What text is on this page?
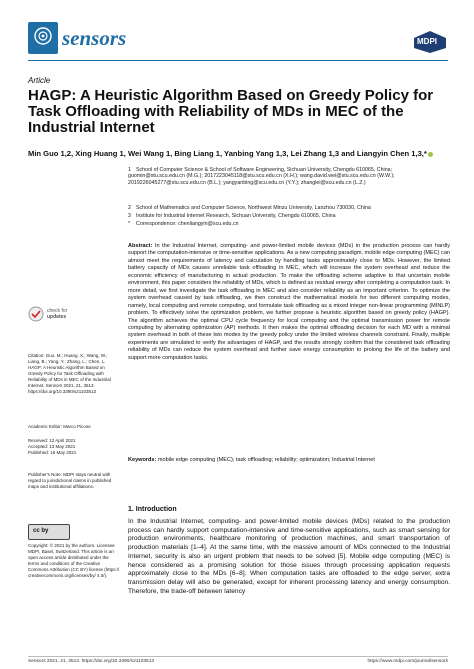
sensors	MDPI
Article
HAGP: A Heuristic Algorithm Based on Greedy Policy for Task Offloading with Reliability of MDs in MEC of the Industrial Internet
Min Guo 1,2, Xing Huang 1, Wei Wang 1, Bing Liang 1, Yanbing Yang 1,3, Lei Zhang 1,3 and Liangyin Chen 1,3,*
1 School of Computer Science & School of Software Engineering, Sichuan University, Chengdu 610065, China; guomin@stu.scu.edu.cn (M.G.); 2017223045118@stu.scu.edu.cn (X.H.); wang.david.wei@stu.scu.edu.cn (W.W.); 2019226045277@stu.scu.edu.cn (B.L.); yangyanbing@scu.edu.cn (Y.Y.); zhanglei@scu.edu.cn (L.Z.)
2 School of Mathematics and Computer Science, Northwest Minzu University, Lanzhou 730030, China
3 Institute for Industrial Internet Research, Sichuan University, Chengdu 610065, China
* Correspondence: chenliangyin@scu.edu.cn
Abstract: In the Industrial Internet, computing- and power-limited mobile devices (MDs) in the production process can hardly support the computation-intensive or time-sensitive applications. As a new computing paradigm, mobile edge computing (MEC) can almost meet the requirements of latency and calculation by handling tasks approximately close to MDs. However, the limited battery capacity of MDs causes unreliable task offloading in MEC, which will increase the system overhead and reduce the economic efficiency of manufacturing in actual production. To make the offloading scheme adaptive to that uncertain mobile environment, this paper considers the reliability of MDs, which is defined as residual energy after completing a computation task. In more detail, we first investigate the task offloading in MEC and also consider reliability as an important criterion. To optimize the system overhead caused by task offloading, we then construct the mathematical models for two different computing modes, namely, local computing and remote computing, and formulate task offloading as a mixed integer non-linear programming (MINLP) problem. To effectively solve the optimization problem, we further propose a heuristic algorithm based on greedy policy (HAGP). The algorithm achieves the optimal CPU cycle frequency for local computing and the optimal transmission power for remote computing by alternating optimization (AP) methods. It then makes the optimal offloading decision for each MD with a minimal system overhead in both of these two modes by the greedy policy under the limited wireless channels constraint. Finally, multiple experiments are simulated to verify the advantages of HAGP, and the results strongly confirm that the considered task offloading reliability of MDs can reduce the system overhead and further save energy consumption to prolong the life of the battery and support more computation tasks.
Keywords: mobile edge computing (MEC); task offloading; reliability; optimization; Industrial Internet
check for
updates
Citation: Guo, M.; Huang, X.; Wang, W.; Liang, B.; Yang, Y.; Zhang, L.; Chen, L. HAGP: A Heuristic Algorithm Based on Greedy Policy for Task Offloading with Reliability of MDs in MEC of the Industrial Internet. Sensors 2021, 21, 3513. https://doi.org/10.3390/s21103513
Academic Editor: Marco Picone
Received: 12 April 2021
Accepted: 13 May 2021
Published: 18 May 2021
Publisher's Note: MDPI stays neutral with regard to jurisdictional claims in published maps and institutional affiliations.
cc by
Copyright: © 2021 by the authors. Licensee MDPI, Basel, Switzerland. This article is an open access article distributed under the terms and conditions of the Creative Commons Attribution (CC BY) license (https:// creativecommons.org/licenses/by/ 4.0/).
1. Introduction
In the Industrial Internet, computing- and power-limited mobile devices (MDs) related to the production process can hardly support computation-intensive and time-sensitive applications, such as smart sensing for production environments, healthcare monitoring of production machines, and smart transportation of production materials [1–4]. At the same time, with the massive amount of MDs connected to the Industrial Internet, security is also an urgent problem that needs to be solved [5]. Mobile edge computing (MEC) is hence considered as a promising solution for those issues through processing application requests approximately close to the MDs [6–8]. When computation tasks are offloaded to the edge server, extra transmission delay will also be generated, except for inherent processing latency and energy consumption. Therefore, the trade-off between latency
Sensors 2021, 21, 3513. https://doi.org/10.3390/s21103513	https://www.mdpi.com/journal/sensors
